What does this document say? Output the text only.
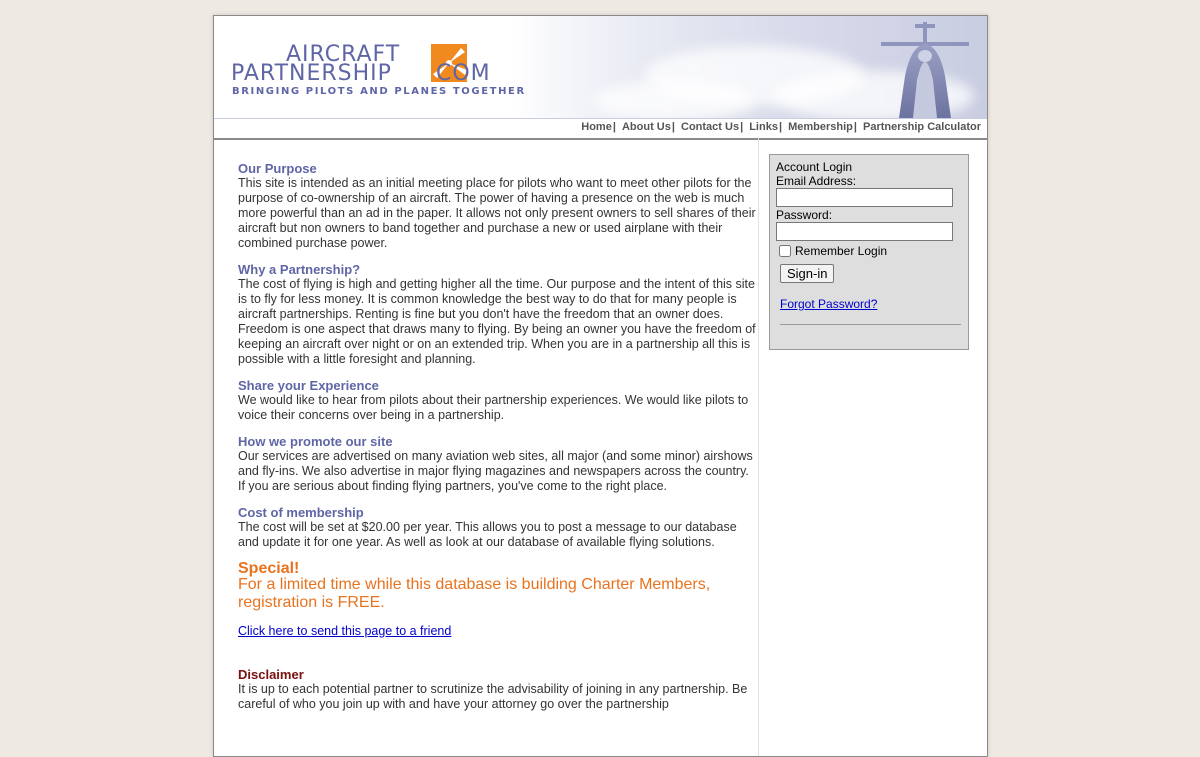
AIRCRAFT
PARTNERSHIP COM
BRINGING PILOTS AND PLANES TOGETHER
Home| About Us| Contact Us| Links| Membership| Partnership Calculator
Our Purpose

This site is intended as an initial meeting place for pilots who want to meet other pilots for the purpose of co-ownership of an aircraft. The power of having a presence on the web is much more powerful than an ad in the paper. It allows not only present owners to sell shares of their aircraft but non owners to band together and purchase a new or used airplane with their combined purchase power.

Why a Partnership?

The cost of flying is high and getting higher all the time. Our purpose and the intent of this site is to fly for less money. It is common knowledge the best way to do that for many people is aircraft partnerships. Renting is fine but you don't have the freedom that an owner does. Freedom is one aspect that draws many to flying. By being an owner you have the freedom of keeping an aircraft over night or on an extended trip. When you are in a partnership all this is possible with a little foresight and planning.

Share your Experience

We would like to hear from pilots about their partnership experiences. We would like pilots to voice their concerns over being in a partnership.

How we promote our site

Our services are advertised on many aviation web sites, all major (and some minor) airshows and fly-ins. We also advertise in major flying magazines and newspapers across the country. If you are serious about finding flying partners, you've come to the right place.

Cost of membership

The cost will be set at $20.00 per year. This allows you to post a message to our database and update it for one year. As well as look at our database of available flying solutions.

Special!
For a limited time while this database is building Charter Members, registration is FREE.
Click here to send this page to a friend
Disclaimer

It is up to each potential partner to scrutinize the advisability of joining in any partnership. Be careful of who you join up with and have your attorney go over the partnership

Account Login
Email Address:
Password:
Remember Login
Sign-in
Forgot Password?
